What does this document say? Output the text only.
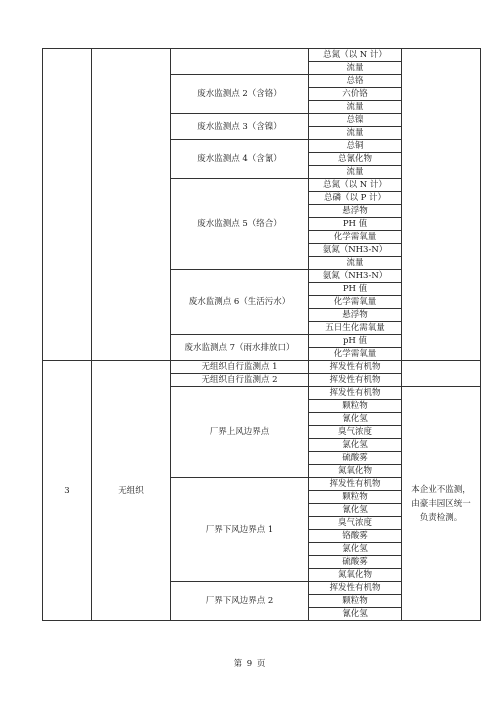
			总氮（以 N 计）	
			流量	
		废水监测点 2（含铬）	总铬	
			六价铬	
			流量	
		废水监测点 3（含镍）	总镍	
			流量	
		废水监测点 4（含氰）	总铜	
			总氰化物	
			流量	
		废水监测点 5（络合）	总氮（以 N 计）	
			总磷（以 P 计）	
			悬浮物	
			PH 值	
			化学需氧量	
			氨氮（NH3-N）	
			流量	
		废水监测点 6（生活污水）	氨氮（NH3-N）	
			PH 值	
			化学需氧量	
			悬浮物	
			五日生化需氧量	
		废水监测点 7（雨水排放口）	pH 值	
			化学需氧量	
3	无组织	无组织自行监测点 1	挥发性有机物	
		无组织自行监测点 2	挥发性有机物	
		厂界上风边界点	挥发性有机物	本企业不监测，由豪丰园区统一负责检测。
			颗粒物	
			氰化氢	
			臭气浓度	
			氯化氢	
			硫酸雾	
			氮氧化物	
		厂界下风边界点 1	挥发性有机物	
			颗粒物	
			氰化氢	
			臭气浓度	
			铬酸雾	
			氯化氢	
			硫酸雾	
			氮氧化物	
		厂界下风边界点 2	挥发性有机物	
			颗粒物	
			氰化氢	
第 9 页
